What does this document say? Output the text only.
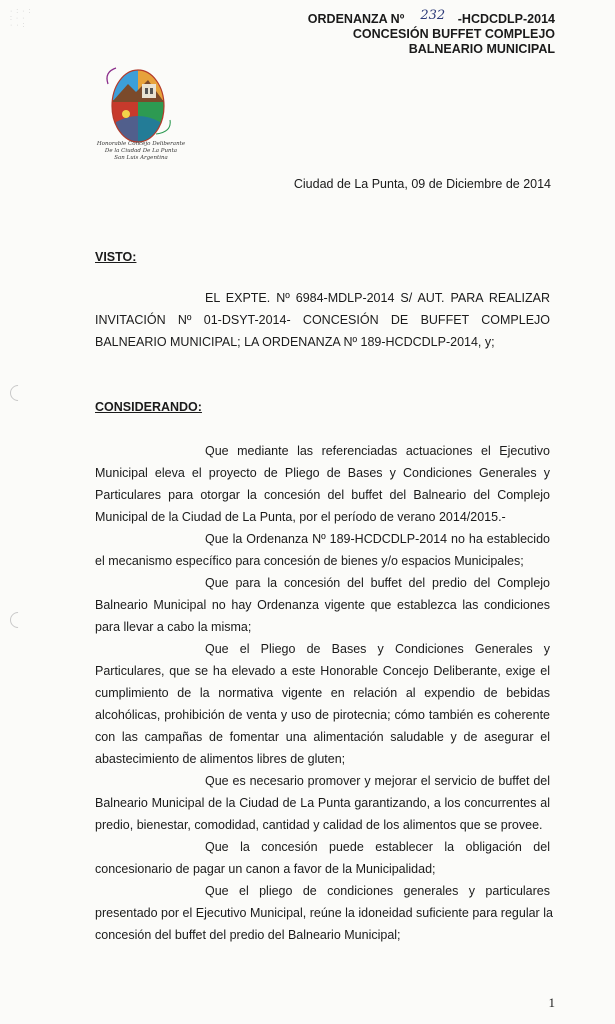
· : · :
: · ·
· · :	ORDENANZA Nº 232 -HCDCDLP-2014
CONCESIÓN BUFFET COMPLEJO
BALNEARIO MUNICIPAL
Honorable Concejo Deliberante
De la Ciudad De La Punta
San Luis Argentina
Ciudad de La Punta, 09 de Diciembre de 2014
VISTO:
EL EXPTE. Nº 6984-MDLP-2014 S/ AUT. PARA REALIZAR
INVITACIÓN Nº 01-DSYT-2014- CONCESIÓN DE BUFFET COMPLEJO
BALNEARIO MUNICIPAL; LA ORDENANZA Nº 189-HCDCDLP-2014, y;
CONSIDERANDO:
Que mediante las referenciadas actuaciones el Ejecutivo
Municipal eleva el proyecto de Pliego de Bases y Condiciones Generales y
Particulares para otorgar la concesión del buffet del Balneario del Complejo
Municipal de la Ciudad de La Punta, por el período de verano 2014/2015.-
Que la Ordenanza Nº 189-HCDCDLP-2014 no ha establecido
el mecanismo específico para concesión de bienes y/o espacios Municipales;
Que para la concesión del buffet del predio del Complejo
Balneario Municipal no hay Ordenanza vigente que establezca las condiciones
para llevar a cabo la misma;
Que el Pliego de Bases y Condiciones Generales y
Particulares, que se ha elevado a este Honorable Concejo Deliberante, exige el
cumplimiento de la normativa vigente en relación al expendio de bebidas
alcohólicas, prohibición de venta y uso de pirotecnia; cómo también es coherente
con las campañas de fomentar una alimentación saludable y de asegurar el
abastecimiento de alimentos libres de gluten;
Que es necesario promover y mejorar el servicio de buffet del
Balneario Municipal de la Ciudad de La Punta garantizando, a los concurrentes al
predio, bienestar, comodidad, cantidad y calidad de los alimentos que se provee.
Que la concesión puede establecer la obligación del
concesionario de pagar un canon a favor de la Municipalidad;
Que el pliego de condiciones generales y particulares
presentado por el Ejecutivo Municipal, reúne la idoneidad suficiente para regular la
concesión del buffet del predio del Balneario Municipal;
1
